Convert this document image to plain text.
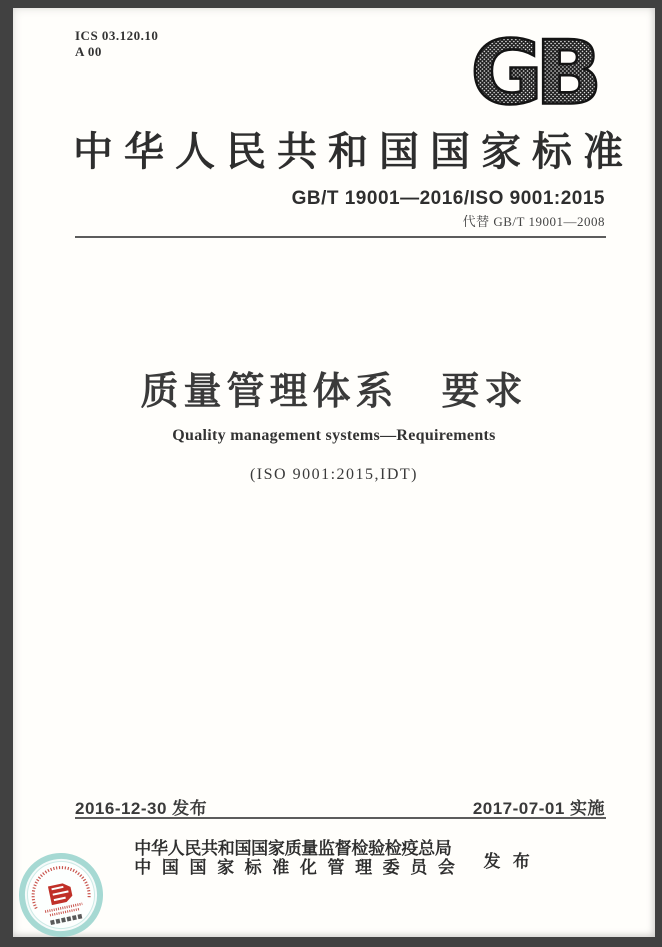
ICS 03.120.10
A 00	GB
中华人民共和国国家标准
GB/T 19001—2016/ISO 9001:2015
代替 GB/T 19001—2008
质量管理体系　要求
Quality management systems—Requirements
(ISO 9001:2015,IDT)
2016-12-30 发布	2017-07-01 实施
中华人民共和国国家质量监督检验检疫总局
中国国家标准化管理委员会 发 布
